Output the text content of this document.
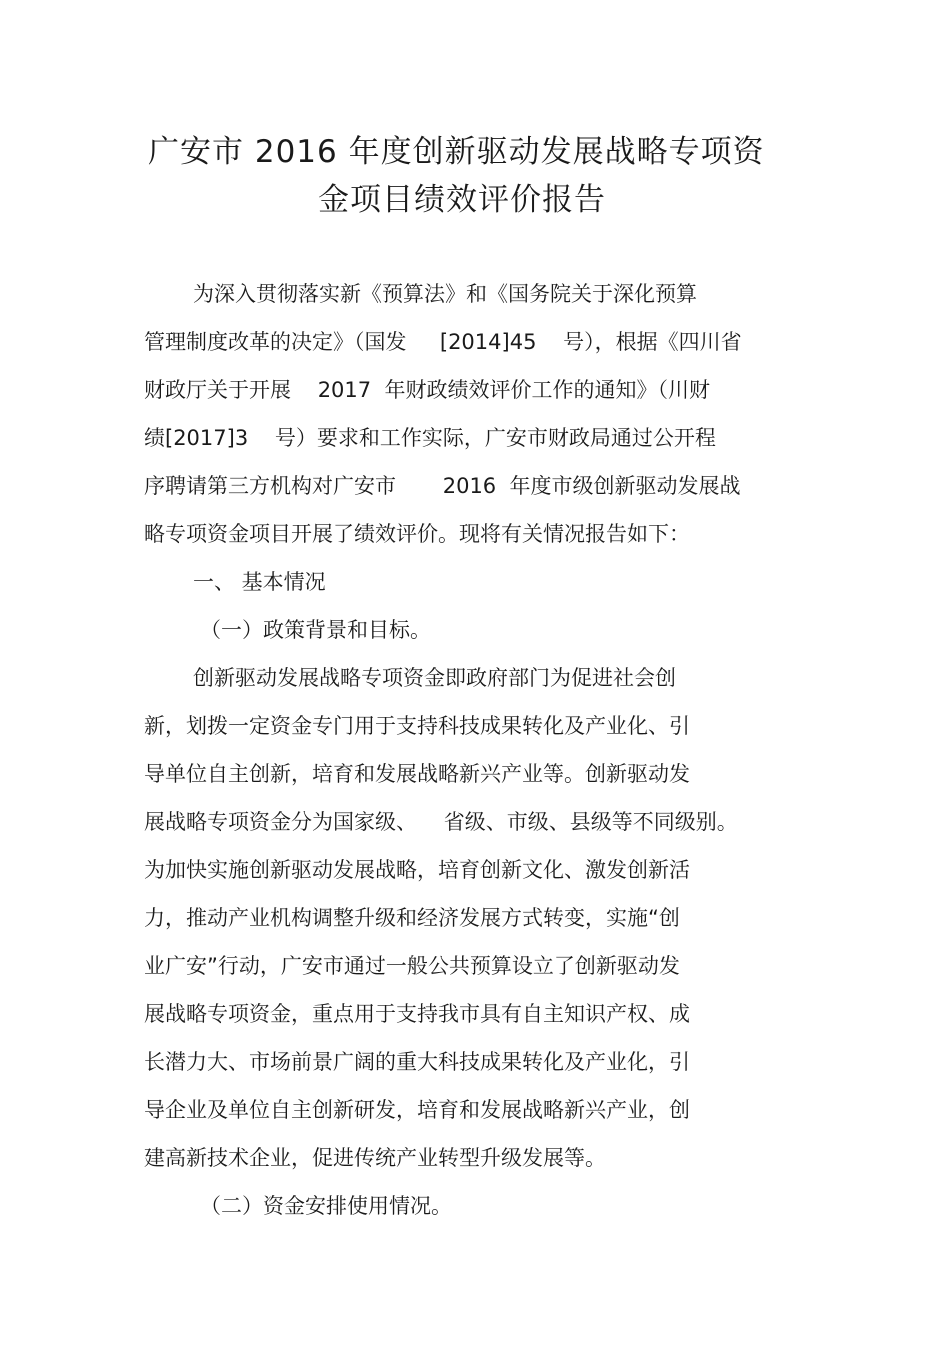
广安市 2016 年度创新驱动发展战略专项资
金项目绩效评价报告
为深入贯彻落实新《预算法》和《国务院关于深化预算
管理制度改革的决定》（国发     [2014]45    号），根据《四川省
财政厅关于开展    2017  年财政绩效评价工作的通知》（川财
绩[2017]3    号）要求和工作实际，广安市财政局通过公开程
序聘请第三方机构对广安市       2016  年度市级创新驱动发展战
略专项资金项目开展了绩效评价。现将有关情况报告如下：
一、 基本情况
（一）政策背景和目标。
创新驱动发展战略专项资金即政府部门为促进社会创
新，划拨一定资金专门用于支持科技成果转化及产业化、引
导单位自主创新，培育和发展战略新兴产业等。创新驱动发
展战略专项资金分为国家级、    省级、市级、县级等不同级别。
为加快实施创新驱动发展战略，培育创新文化、激发创新活
力，推动产业机构调整升级和经济发展方式转变，实施“创
业广安”行动，广安市通过一般公共预算设立了创新驱动发
展战略专项资金，重点用于支持我市具有自主知识产权、成
长潜力大、市场前景广阔的重大科技成果转化及产业化，引
导企业及单位自主创新研发，培育和发展战略新兴产业，创
建高新技术企业，促进传统产业转型升级发展等。
（二）资金安排使用情况。
